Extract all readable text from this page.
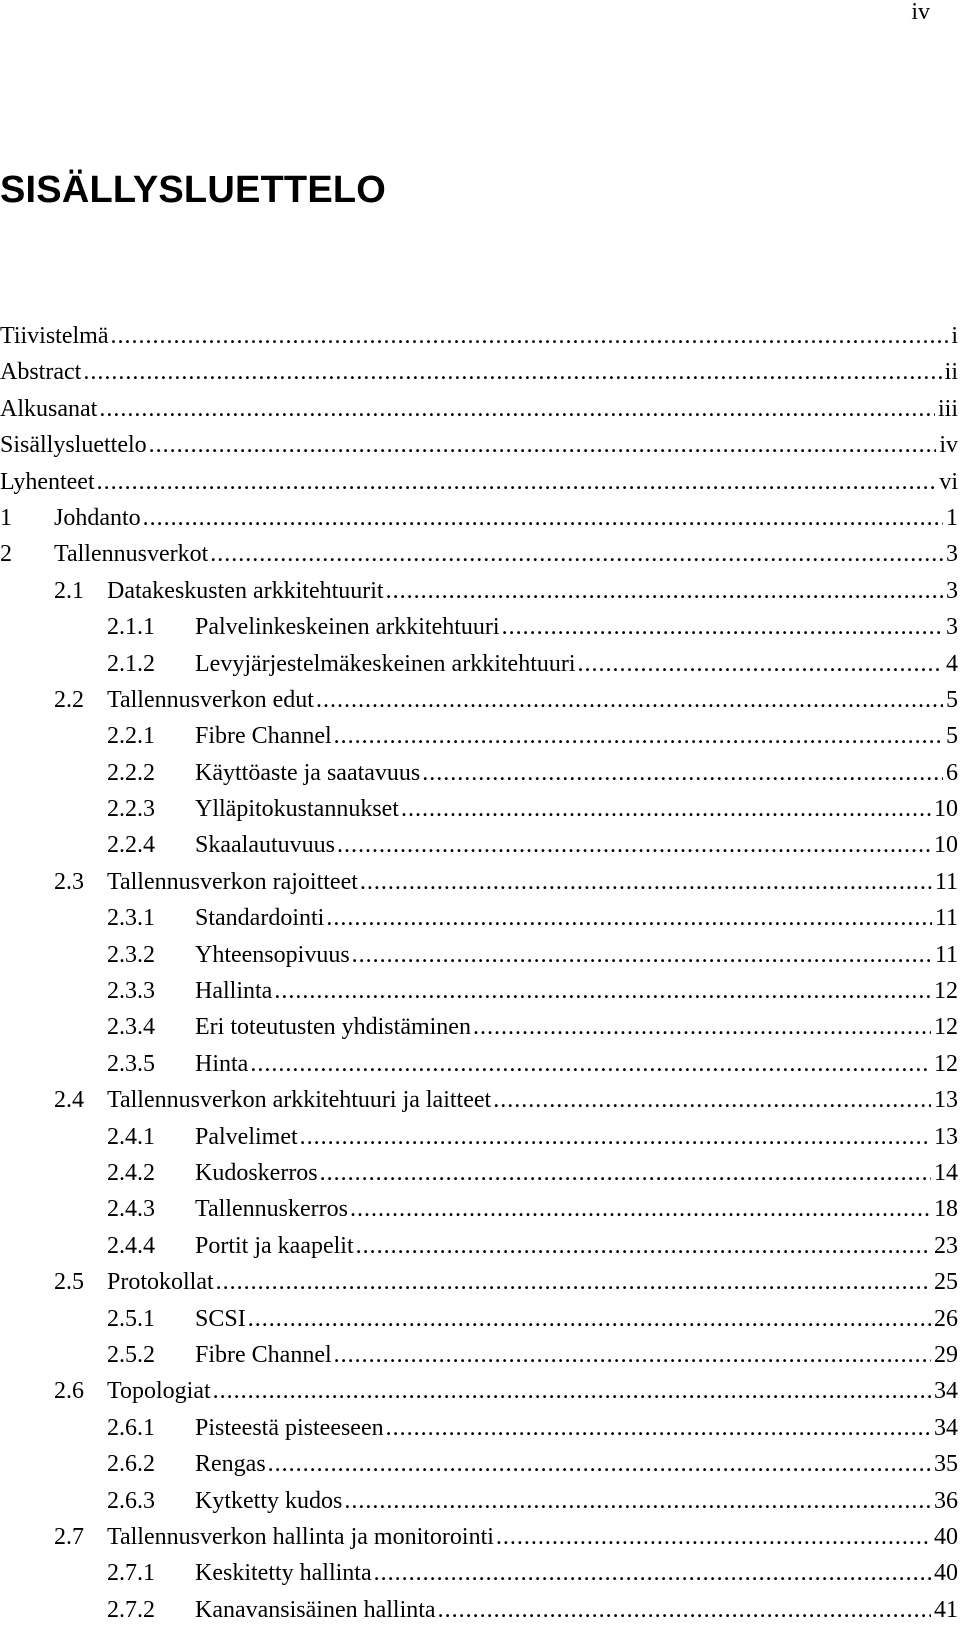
iv
SISÄLLYSLUETTELO
Tiivistelmä .....	i
Abstract .....	ii
Alkusanat .....	iii
Sisällysluettelo .....	iv
Lyhenteet .....	vi
1	Johdanto .....	1
2	Tallennusverkot .....	3
2.1 Datakeskusten arkkitehtuurit .....	3
2.1.1	Palvelinkeskeinen arkkitehtuuri .....	3
2.1.2	Levyjärjestelmäkeskeinen arkkitehtuuri .....	4
2.2 Tallennusverkon edut .....	5
2.2.1	Fibre Channel .....	5
2.2.2	Käyttöaste ja saatavuus .....	6
2.2.3	Ylläpitokustannukset .....	10
2.2.4	Skaalautuvuus .....	10
2.3 Tallennusverkon rajoitteet .....	11
2.3.1	Standardointi .....	11
2.3.2	Yhteensopivuus .....	11
2.3.3	Hallinta .....	12
2.3.4	Eri toteutusten yhdistäminen .....	12
2.3.5	Hinta .....	12
2.4 Tallennusverkon arkkitehtuuri ja laitteet .....	13
2.4.1	Palvelimet .....	13
2.4.2	Kudoskerros .....	14
2.4.3	Tallennuskerros .....	18
2.4.4	Portit ja kaapelit .....	23
2.5 Protokollat .....	25
2.5.1	SCSI .....	26
2.5.2	Fibre Channel .....	29
2.6 Topologiat .....	34
2.6.1	Pisteestä pisteeseen .....	34
2.6.2	Rengas .....	35
2.6.3	Kytketty kudos .....	36
2.7 Tallennusverkon hallinta ja monitorointi .....	40
2.7.1	Keskitetty hallinta .....	40
2.7.2	Kanavansisäinen hallinta .....	41
